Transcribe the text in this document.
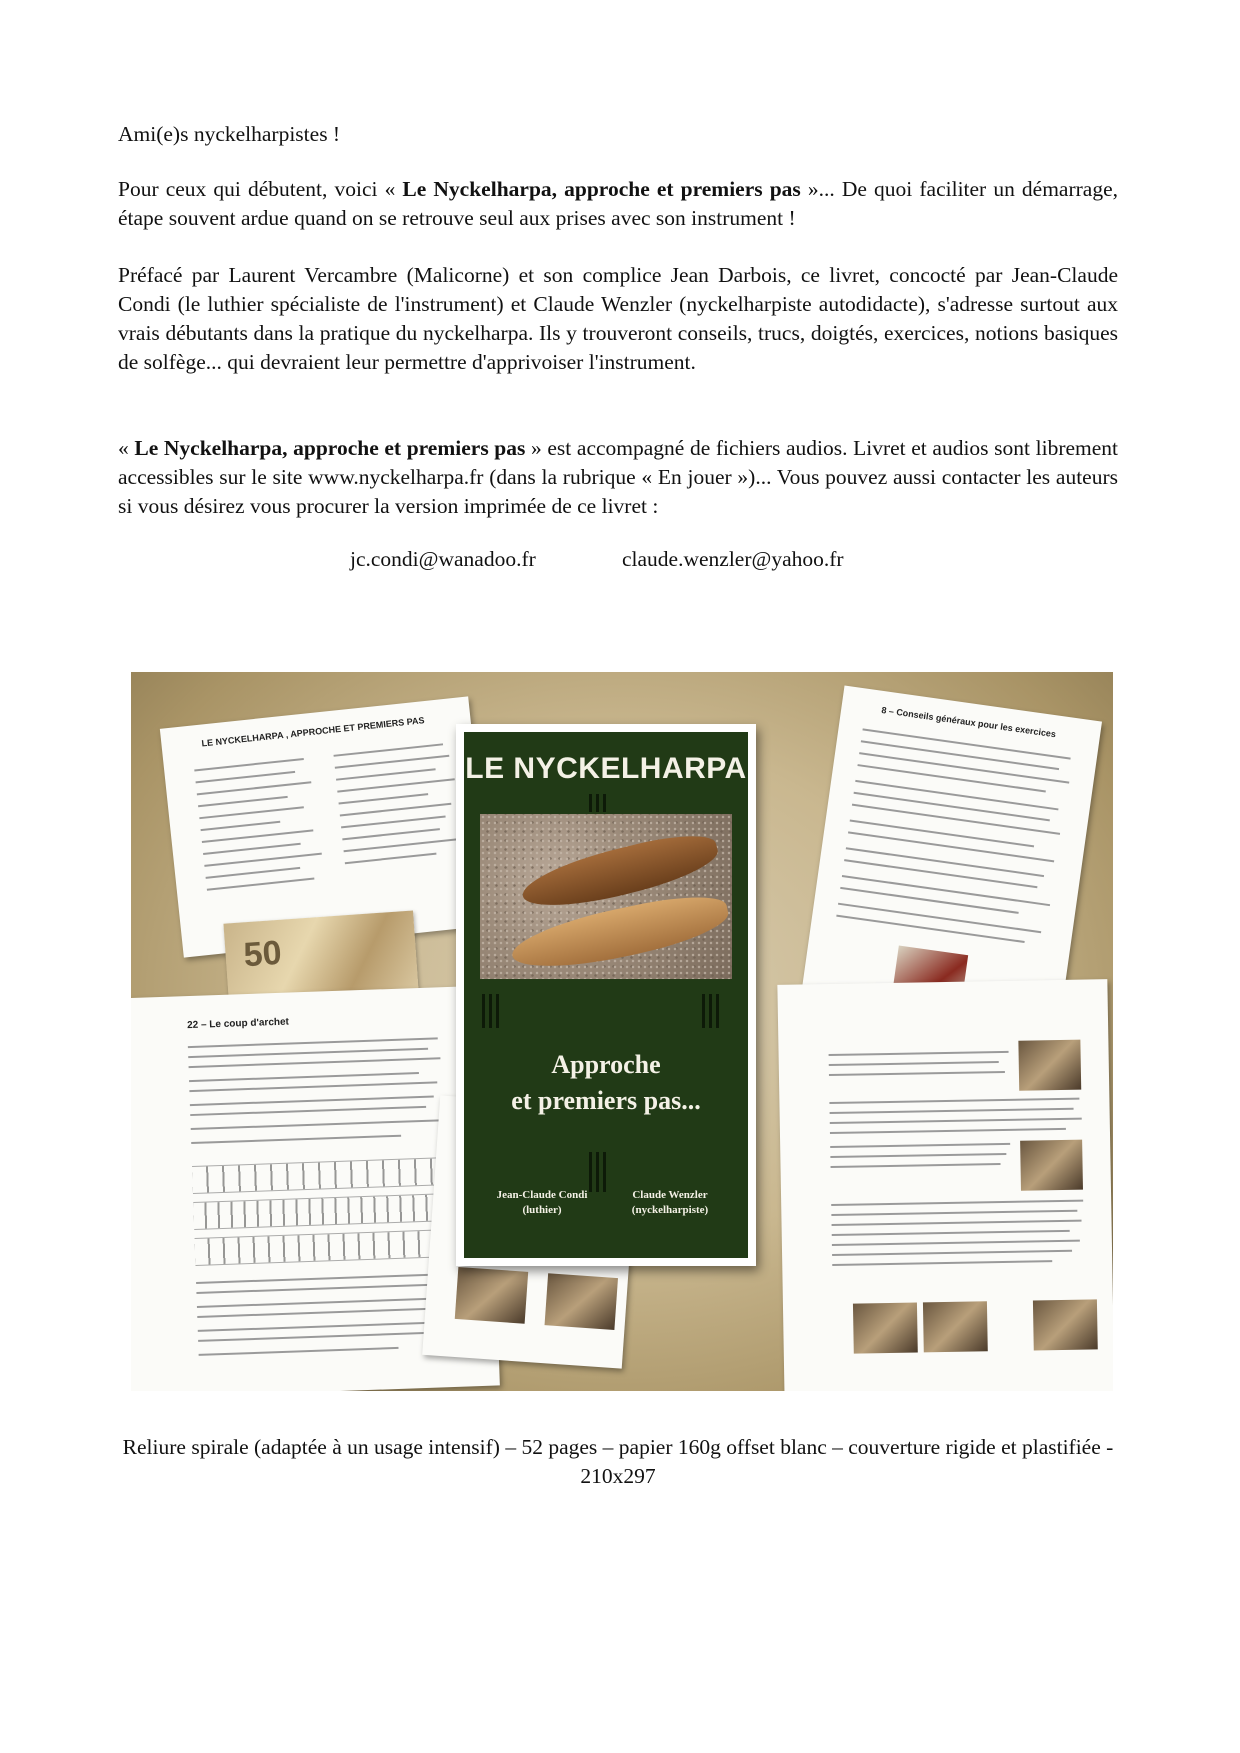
Ami(e)s nyckelharpistes !
Pour ceux qui débutent, voici « Le Nyckelharpa, approche et premiers pas »... De quoi faciliter un démarrage, étape souvent ardue quand on se retrouve seul aux prises avec son instrument !
Préfacé par Laurent Vercambre (Malicorne) et son complice Jean Darbois, ce livret, concocté par Jean-Claude Condi (le luthier spécialiste de l'instrument) et Claude Wenzler (nyckelharpiste autodidacte), s'adresse surtout aux vrais débutants dans la pratique du nyckelharpa. Ils y trouveront conseils, trucs, doigtés, exercices, notions basiques de solfège... qui devraient leur permettre d'apprivoiser l'instrument.
« Le Nyckelharpa, approche et premiers pas » est accompagné de fichiers audios. Livret et audios sont librement accessibles sur le site www.nyckelharpa.fr (dans la rubrique « En jouer »)... Vous pouvez aussi contacter les auteurs si vous désirez vous procurer la version imprimée de ce livret :
jc.condi@wanadoo.fr	claude.wenzler@yahoo.fr
LE NYCKELHARPA , APPROCHE ET PREMIERS PAS
50
8 – Conseils généraux pour les exercices
22 – Le coup d'archet
LE NYCKELHARPA
Approche
et premiers pas...
Jean-Claude Condi
(luthier)
Claude Wenzler
(nyckelharpiste)
Reliure spirale (adaptée à un usage intensif) – 52 pages – papier 160g offset blanc – couverture rigide et plastifiée - 210x297
